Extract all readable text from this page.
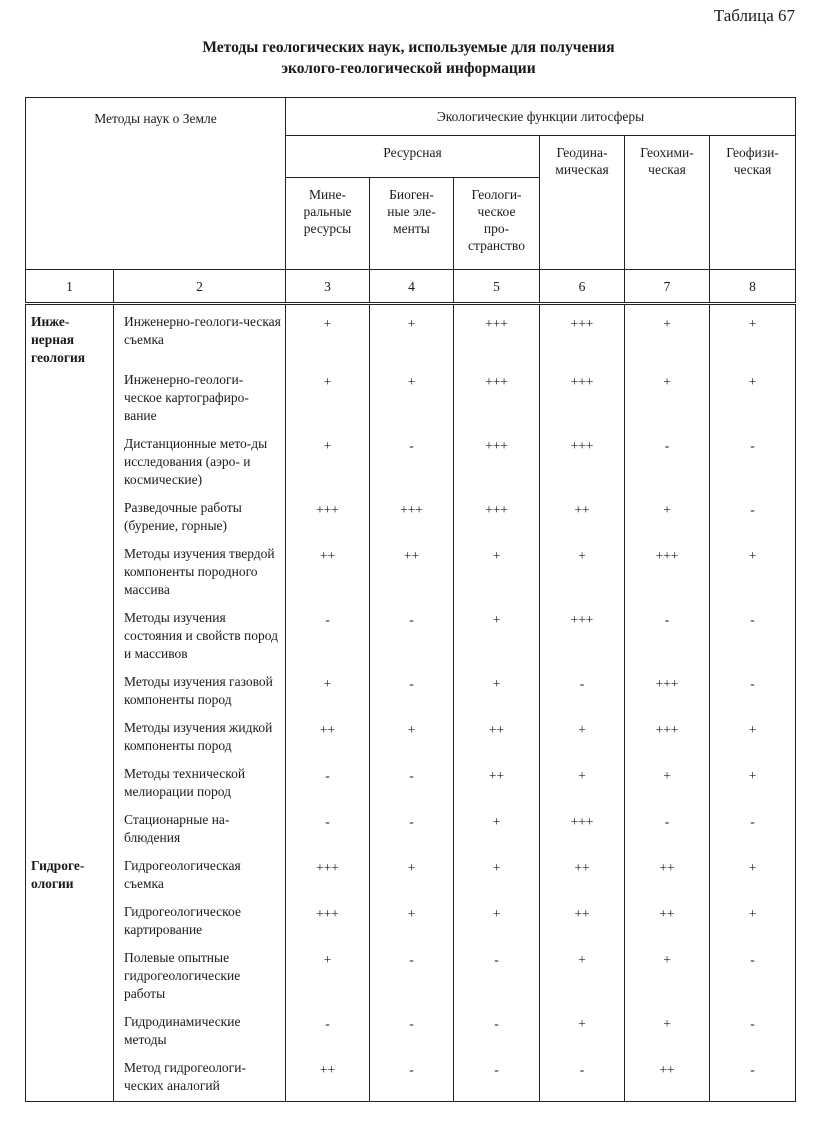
Таблица 67
Методы геологических наук, используемые для получения
эколого-геологической информации
Методы наук о Земле		Экологические функции литосферы					
		Ресурсная			Геодина-мическая	Геохими-ческая	Геофизи-ческая
		Мине-ральные ресурсы	Биоген-ные эле-менты	Геологи-ческое про-странство			
1	2	3	4	5	6	7	8

Инже-нерная геология	Инженерно-геологи-ческая съемка	+	+	+++	+++	+	+
	Инженерно-геологи-ческое картографиро-вание	+	+	+++	+++	+	+
	Дистанционные мето-ды исследования (аэро- и космические)	+	-	+++	+++	-	-
	Разведочные работы (бурение, горные)	+++	+++	+++	++	+	-
	Методы изучения твердой компоненты породного массива	++	++	+	+	+++	+
	Методы изучения состояния и свойств пород и массивов	-	-	+	+++	-	-
	Методы изучения газовой компоненты пород	+	-	+	-	+++	-
	Методы изучения жидкой компоненты пород	++	+	++	+	+++	+
	Методы технической мелиорации пород	-	-	++	+	+	+
	Стационарные на-блюдения	-	-	+	+++	-	-
Гидроге-ологии	Гидрогеологическая съемка	+++	+	+	++	++	+
	Гидрогеологическое картирование	+++	+	+	++	++	+
	Полевые опытные гидрогеологические работы	+	-	-	+	+	-
	Гидродинамические методы	-	-	-	+	+	-
	Метод гидрогеологи-ческих аналогий	++	-	-	-	++	-
